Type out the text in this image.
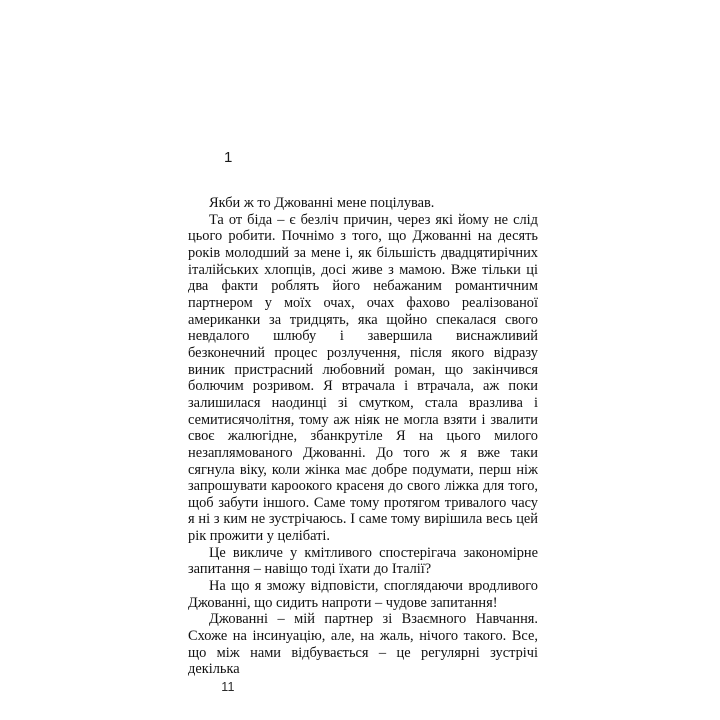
1

Якби ж то Джованні мене поцілував.

Та от біда – є безліч причин, через які йому не слід цього робити. Почнімо з того, що Джованні на десять років молодший за мене і, як більшість двадцятирічних італійських хлопців, досі живе з мамою. Вже тільки ці два факти роблять його небажаним романтичним партнером у моїх очах, очах фахово реалізованої американки за тридцять, яка щойно спекалася свого невдалого шлюбу і завершила виснажливий безконечний процес розлучення, після якого відразу виник пристрасний любовний роман, що закінчився болючим розривом. Я втрачала і втрачала, аж поки залишилася наодинці зі смутком, стала вразлива і семитисячолітня, тому аж ніяк не могла взяти і звалити своє жалюгідне, збанкрутіле Я на цього милого незаплямованого Джованні. До того ж я вже таки сягнула віку, коли жінка має добре подумати, перш ніж запрошувати кароокого красеня до свого ліжка для того, щоб забути іншого. Саме тому протягом тривалого часу я ні з ким не зустрічаюсь. І саме тому вирішила весь цей рік прожити у целібаті.

Це викличе у кмітливого спостерігача закономірне запитання – навіщо тоді їхати до Італії?

На що я зможу відповісти, споглядаючи вродливого Джованні, що сидить напроти – чудове запитання!

Джованні – мій партнер зі Взаємного Навчання. Схоже на інсинуацію, але, на жаль, нічого такого. Все, що між нами відбувається – це регулярні зустрічі декілька

11
